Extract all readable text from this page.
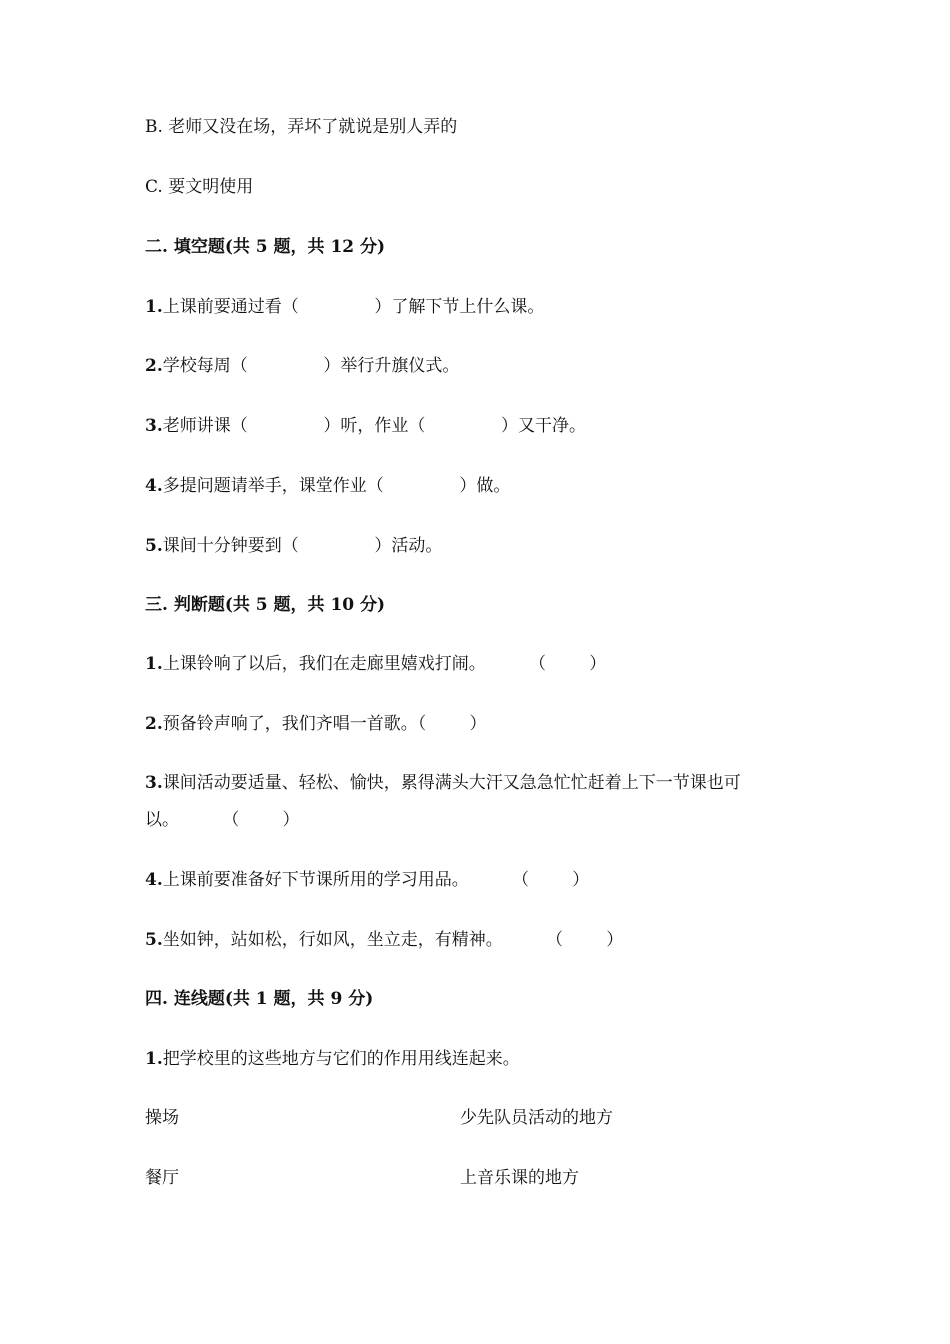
B. 老师又没在场，弄坏了就说是别人弄的
C. 要文明使用
二. 填空题(共 5 题，共 12 分)
1.上课前要通过看（              ）了解下节上什么课。
2.学校每周（              ）举行升旗仪式。
3.老师讲课（              ）听，作业（              ）又干净。
4.多提问题请举手，课堂作业（              ）做。
5.课间十分钟要到（              ）活动。
三. 判断题(共 5 题，共 10 分)
1.上课铃响了以后，我们在走廊里嬉戏打闹。        （        ）
2.预备铃声响了，我们齐唱一首歌。（        ）
3.课间活动要适量、轻松、愉快，累得满头大汗又急急忙忙赶着上下一节课也可
以。        （        ）
4.上课前要准备好下节课所用的学习用品。        （        ）
5.坐如钟，站如松，行如风，坐立走，有精神。        （        ）
四. 连线题(共 1 题，共 9 分)
1.把学校里的这些地方与它们的作用用线连起来。
操场	少先队员活动的地方
餐厅	上音乐课的地方
